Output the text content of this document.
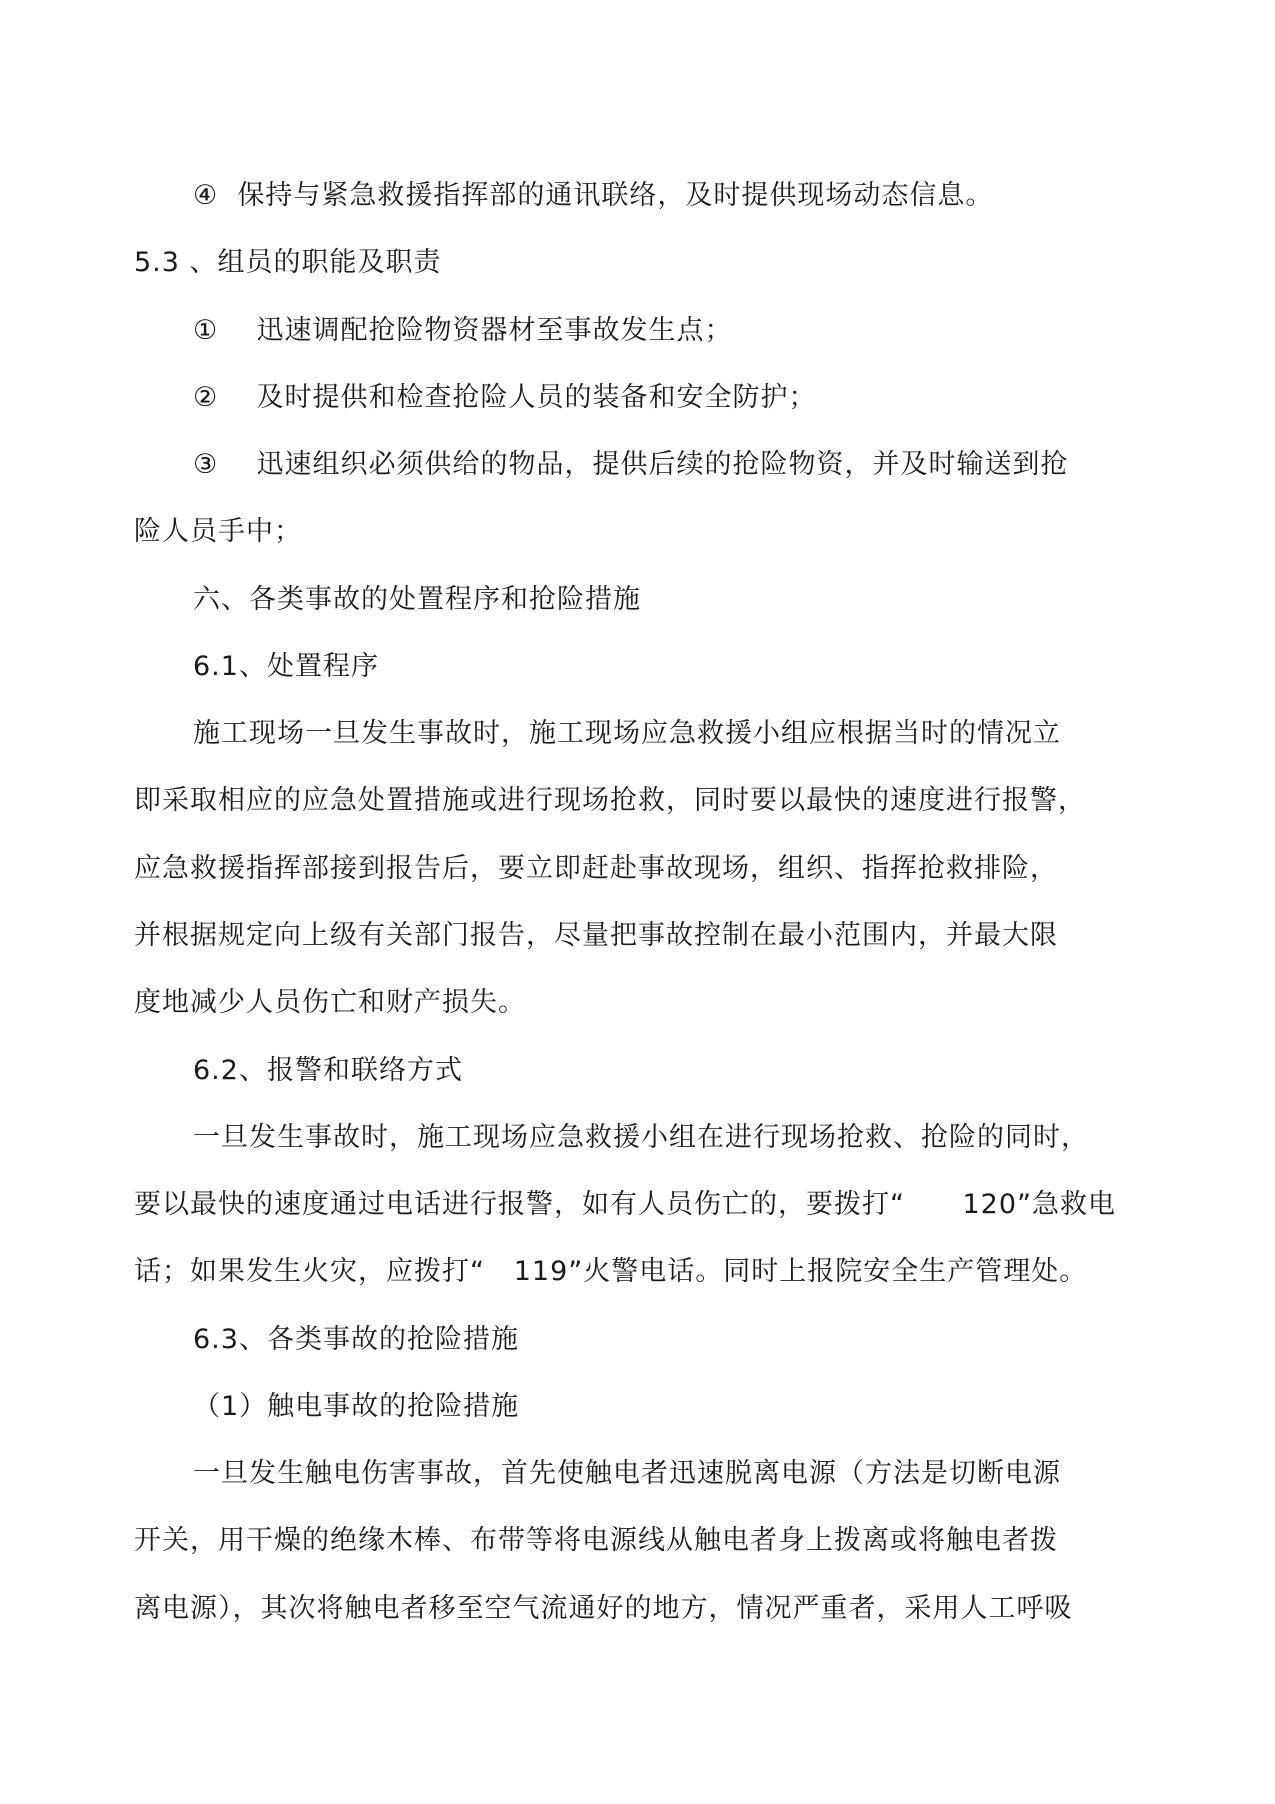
④  保持与紧急救援指挥部的通讯联络，及时提供现场动态信息。
5.3 、组员的职能及职责
①    迅速调配抢险物资器材至事故发生点；
②    及时提供和检查抢险人员的装备和安全防护；
③    迅速组织必须供给的物品，提供后续的抢险物资，并及时输送到抢
险人员手中；
六、各类事故的处置程序和抢险措施
6.1、处置程序
施工现场一旦发生事故时，施工现场应急救援小组应根据当时的情况立
即采取相应的应急处置措施或进行现场抢救，同时要以最快的速度进行报警，
应急救援指挥部接到报告后，要立即赶赴事故现场，组织、指挥抢救排险，
并根据规定向上级有关部门报告，尽量把事故控制在最小范围内，并最大限
度地减少人员伤亡和财产损失。
6.2、报警和联络方式
一旦发生事故时，施工现场应急救援小组在进行现场抢救、抢险的同时，
要以最快的速度通过电话进行报警，如有人员伤亡的，要拨打“      120”急救电
话；如果发生火灾，应拨打“   119”火警电话。同时上报院安全生产管理处。
6.3、各类事故的抢险措施
（1）触电事故的抢险措施
一旦发生触电伤害事故，首先使触电者迅速脱离电源（方法是切断电源
开关，用干燥的绝缘木棒、布带等将电源线从触电者身上拨离或将触电者拨
离电源），其次将触电者移至空气流通好的地方，情况严重者，采用人工呼吸
